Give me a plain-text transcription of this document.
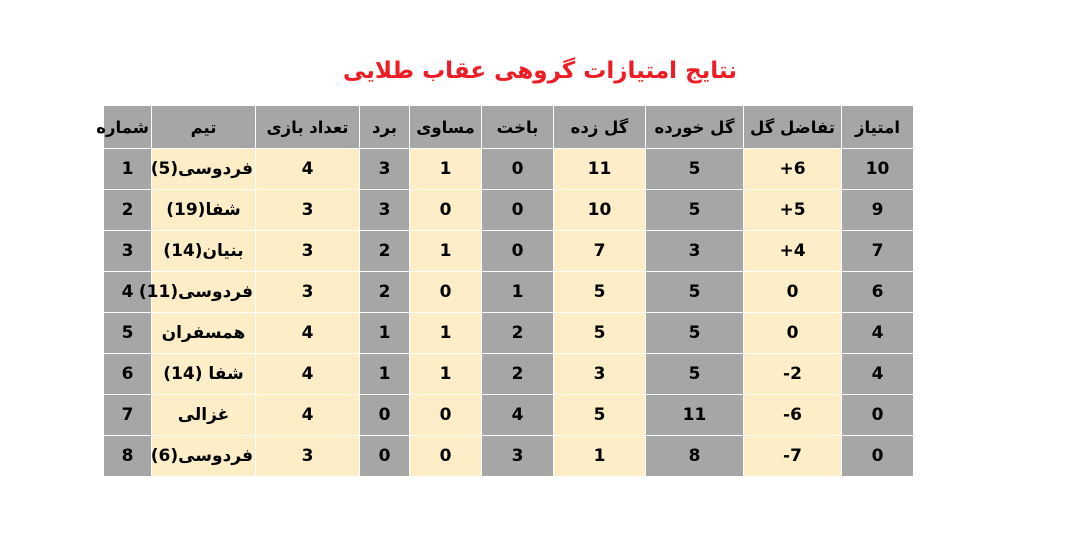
نتایج امتیازات گروهی عقاب طلایی
امتیاز	تفاضل گل	گل خورده	گل زده	باخت	مساوی	برد	تعداد بازی	تیم	شماره
10	6+	5	11	0	1	3	4	فردوسی(5)	1
9	5+	5	10	0	0	3	3	شفا(19)	2
7	4+	3	7	0	1	2	3	بنیان(14)	3
6	0	5	5	1	0	2	3	فردوسی(11)	4
4	0	5	5	2	1	1	4	همسفران	5
4	2-	5	3	2	1	1	4	شفا (14)	6
0	6-	11	5	4	0	0	4	غزالی	7
0	7-	8	1	3	0	0	3	فردوسی(6)	8
